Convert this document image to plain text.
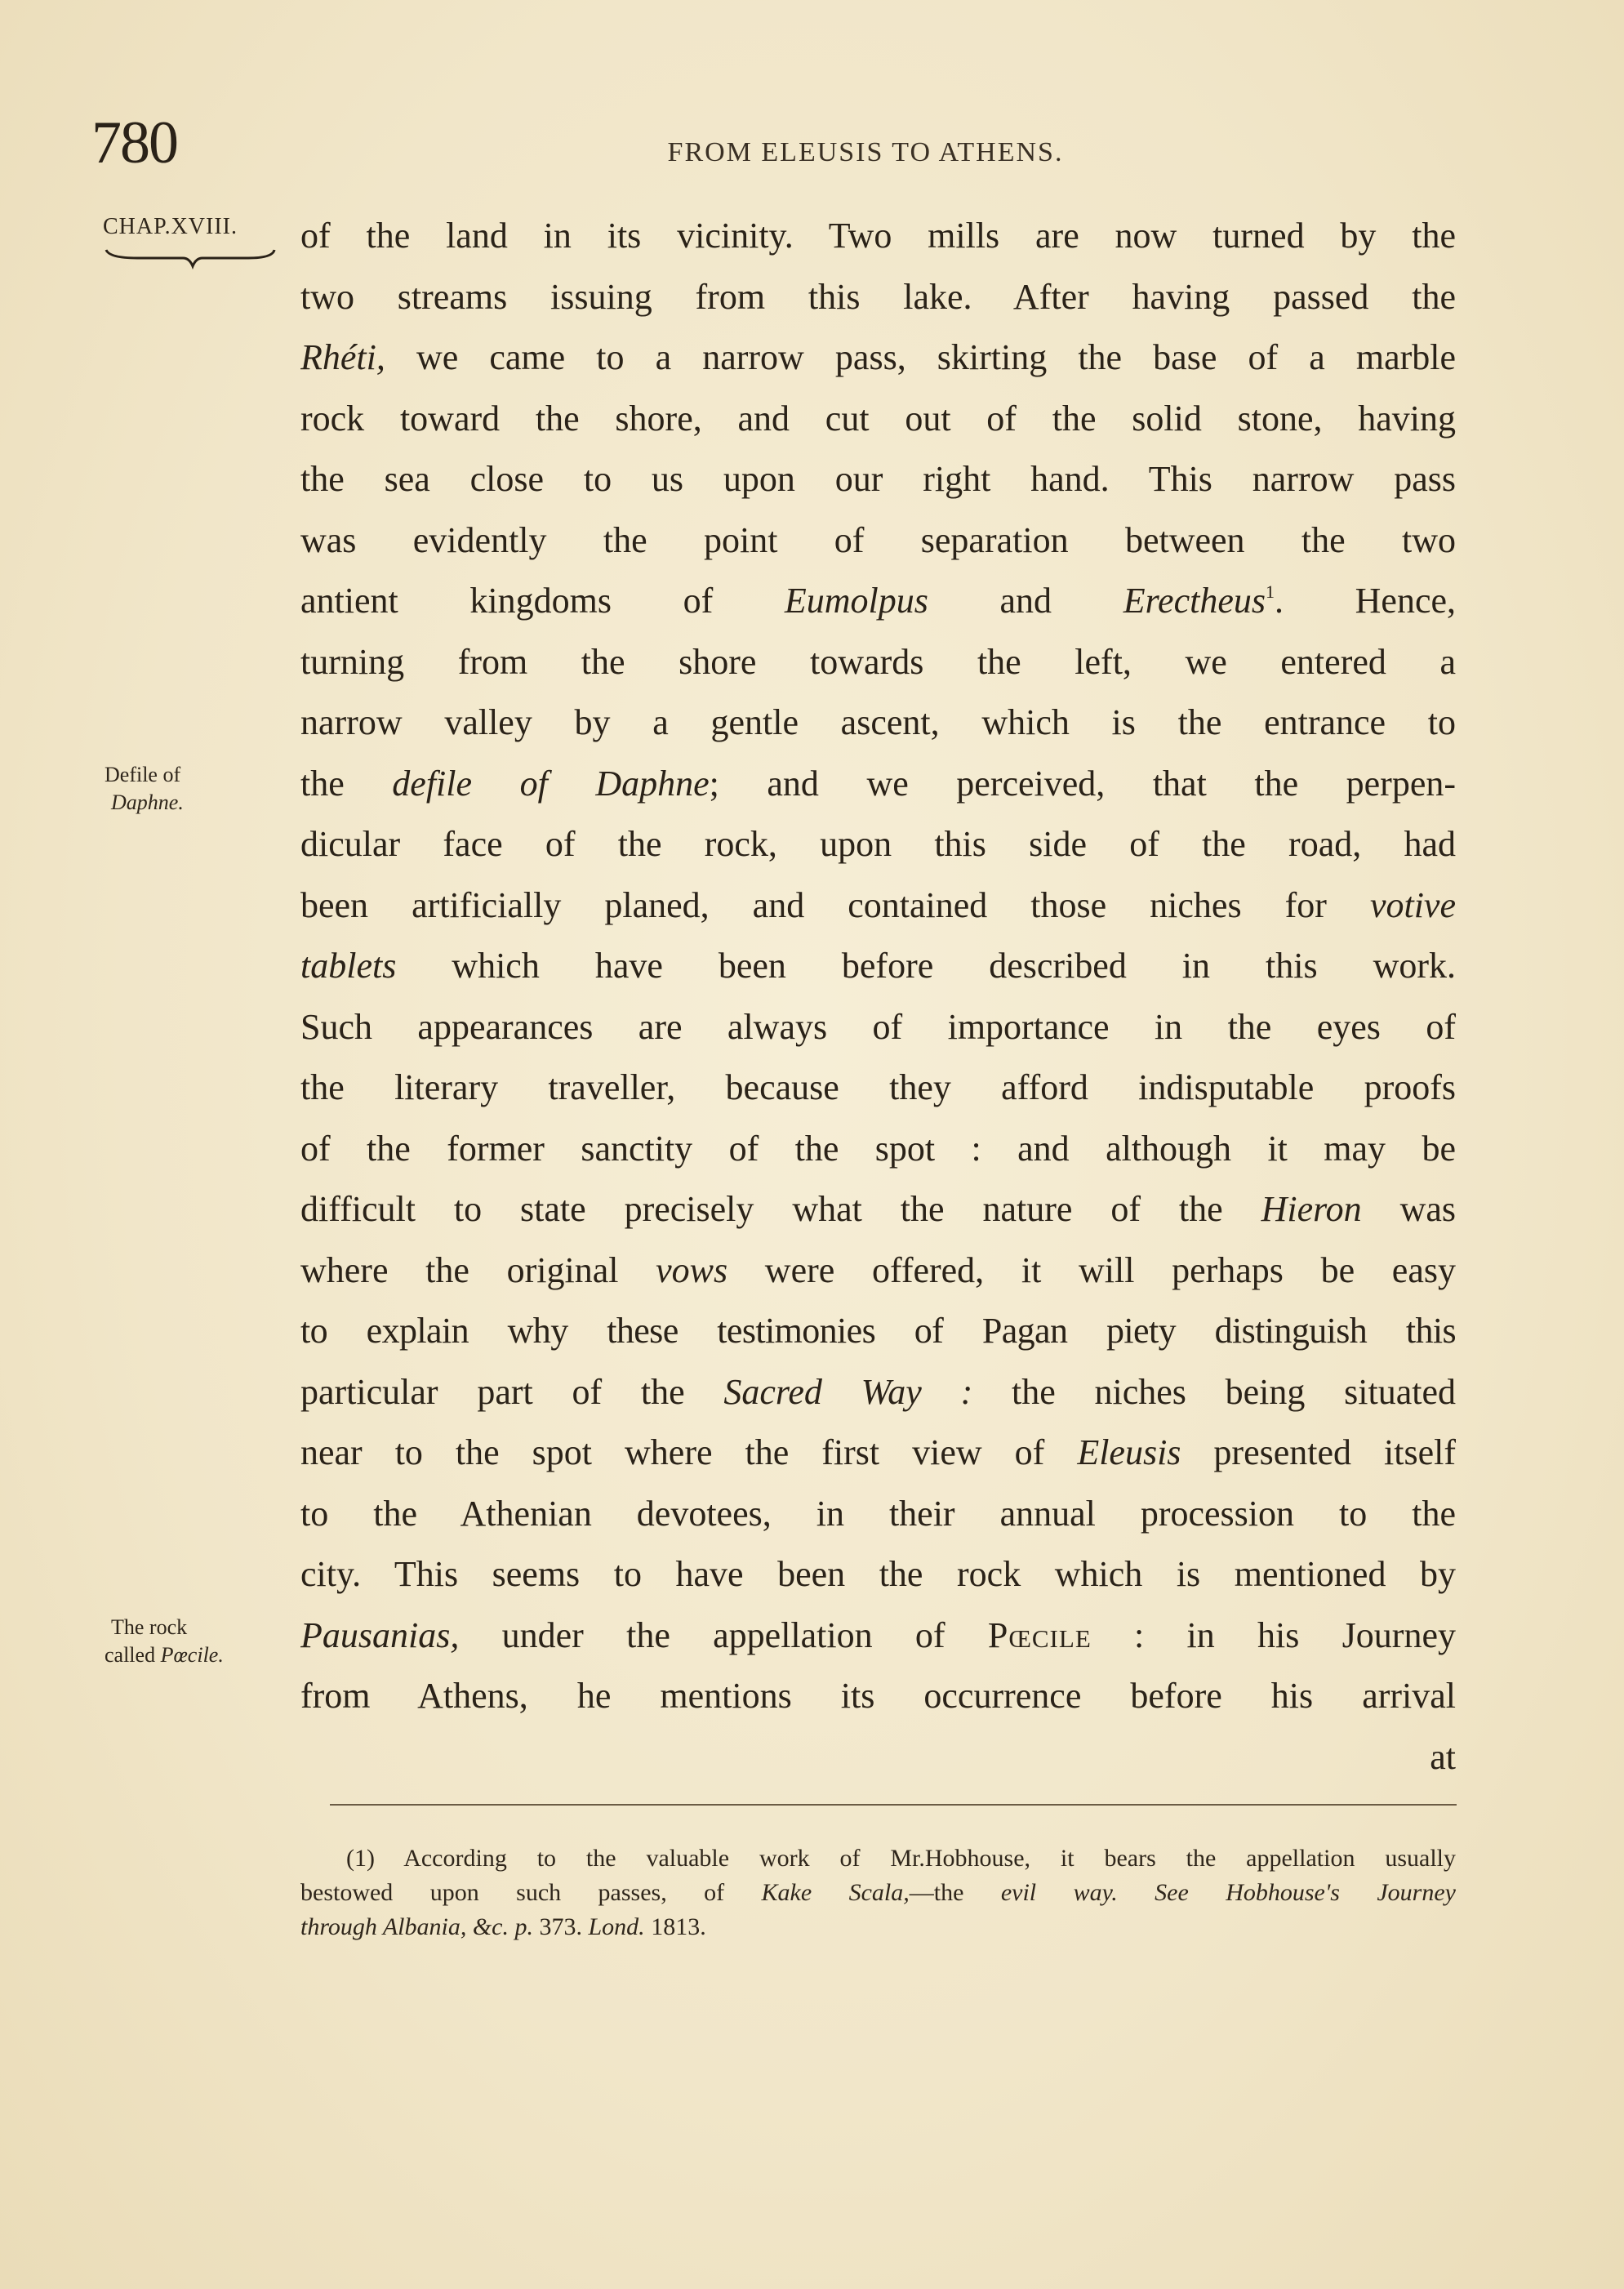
780	FROM ELEUSIS TO ATHENS.
CHAP.XVIII.
Defile of
Daphne.
The rock
called Pœcile.
of the land in its vicinity. Two mills are now turned by the
two streams issuing from this lake. After having passed the
Rhéti, we came to a narrow pass, skirting the base of a marble
rock toward the shore, and cut out of the solid stone, having
the sea close to us upon our right hand. This narrow pass
was evidently the point of separation between the two
antient kingdoms of Eumolpus and Erectheus$^1$. Hence,
turning from the shore towards the left, we entered a
narrow valley by a gentle ascent, which is the entrance to
the defile of Daphne; and we perceived, that the perpen-
dicular face of the rock, upon this side of the road, had
been artificially planed, and contained those niches for votive
tablets which have been before described in this work.
Such appearances are always of importance in the eyes of
the literary traveller, because they afford indisputable proofs
of the former sanctity of the spot : and although it may be
difficult to state precisely what the nature of the Hieron was
where the original vows were offered, it will perhaps be easy
to explain why these testimonies of Pagan piety distinguish this
particular part of the Sacred Way : the niches being situated
near to the spot where the first view of Eleusis presented itself
to the Athenian devotees, in their annual procession to the
city. This seems to have been the rock which is mentioned by
Pausanias, under the appellation of Pœcile : in his Journey
from Athens, he mentions its occurrence before his arrival
at
(1) According to the valuable work of Mr.Hobhouse, it bears the appellation usually
bestowed upon such passes, of Kake Scala,—the evil way. See Hobhouse's Journey
through Albania, &c. p. 373. Lond. 1813.
